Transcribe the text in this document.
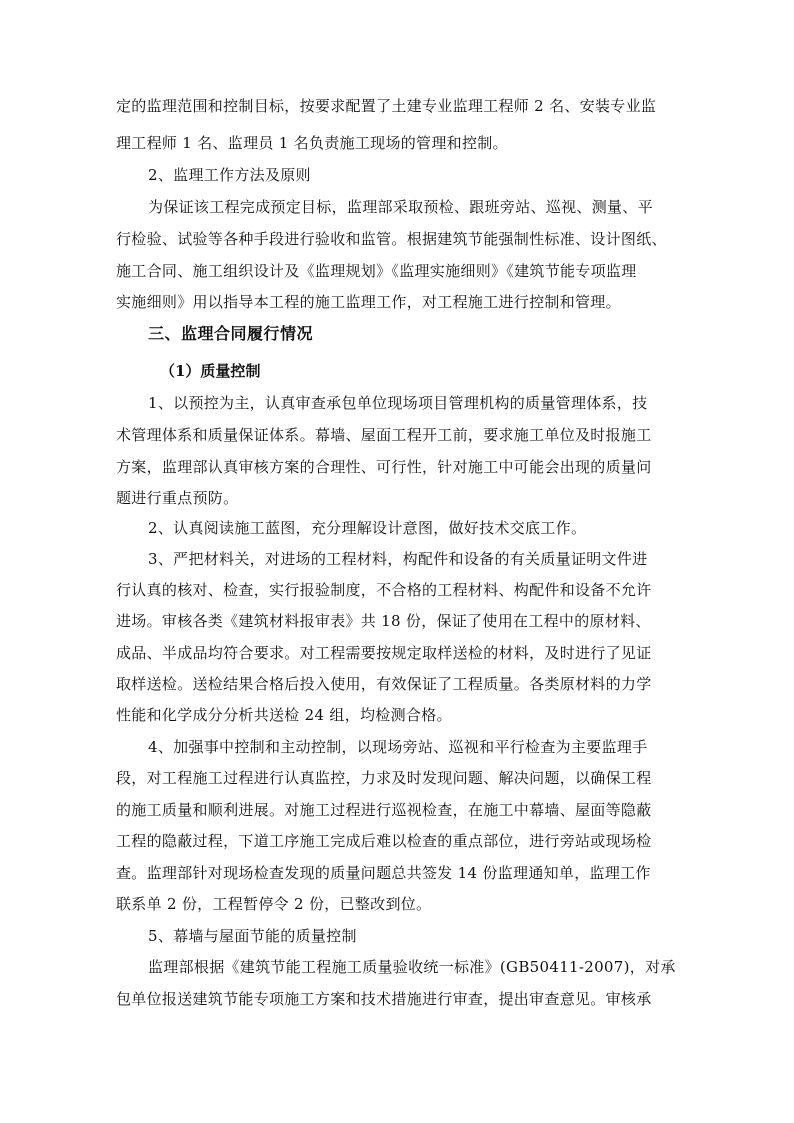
定的监理范围和控制目标，按要求配置了土建专业监理工程师 2 名、安装专业监
理工程师 1 名、监理员 1 名负责施工现场的管理和控制。
2、监理工作方法及原则
为保证该工程完成预定目标，监理部采取预检、跟班旁站、巡视、测量、平
行检验、试验等各种手段进行验收和监管。根据建筑节能强制性标准、设计图纸、
施工合同、施工组织设计及《监理规划》《监理实施细则》《建筑节能专项监理
实施细则》用以指导本工程的施工监理工作，对工程施工进行控制和管理。
三、监理合同履行情况
（1）质量控制
1、以预控为主，认真审查承包单位现场项目管理机构的质量管理体系，技
术管理体系和质量保证体系。幕墙、屋面工程开工前，要求施工单位及时报施工
方案，监理部认真审核方案的合理性、可行性，针对施工中可能会出现的质量问
题进行重点预防。
2、认真阅读施工蓝图，充分理解设计意图，做好技术交底工作。
3、严把材料关，对进场的工程材料，构配件和设备的有关质量证明文件进
行认真的核对、检查，实行报验制度，不合格的工程材料、构配件和设备不允许
进场。审核各类《建筑材料报审表》共 18 份，保证了使用在工程中的原材料、
成品、半成品均符合要求。对工程需要按规定取样送检的材料，及时进行了见证
取样送检。送检结果合格后投入使用，有效保证了工程质量。各类原材料的力学
性能和化学成分分析共送检 24 组，均检测合格。
4、加强事中控制和主动控制，以现场旁站、巡视和平行检查为主要监理手
段，对工程施工过程进行认真监控，力求及时发现问题、解决问题，以确保工程
的施工质量和顺利进展。对施工过程进行巡视检查，在施工中幕墙、屋面等隐蔽
工程的隐蔽过程，下道工序施工完成后难以检查的重点部位，进行旁站或现场检
查。监理部针对现场检查发现的质量问题总共签发 14 份监理通知单，监理工作
联系单 2 份，工程暂停令 2 份，已整改到位。
5、幕墙与屋面节能的质量控制
监理部根据《建筑节能工程施工质量验收统一标准》(GB50411-2007)，对承
包单位报送建筑节能专项施工方案和技术措施进行审查，提出审查意见。审核承
